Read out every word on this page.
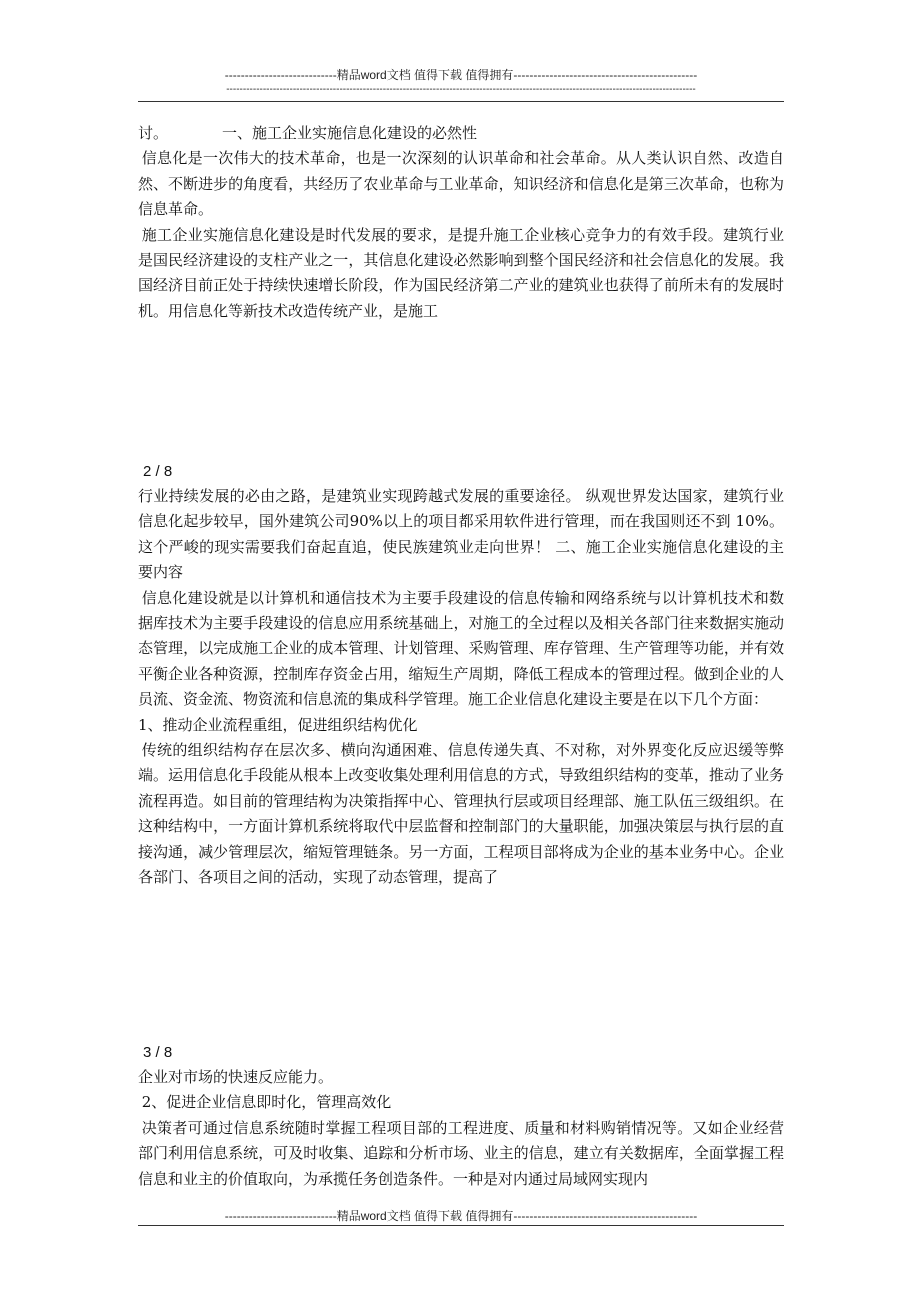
----------------------------精品word文档 值得下载 值得拥有----------------------------------------------
---------------------------------------------------------------------------------------------------------------------------------------------

讨。	一、施工企业实施信息化建设的必然性

信息化是一次伟大的技术革命，也是一次深刻的认识革命和社会革命。从人类认识自然、改造自然、不断进步的角度看，共经历了农业革命与工业革命，知识经济和信息化是第三次革命，也称为信息革命。

施工企业实施信息化建设是时代发展的要求，是提升施工企业核心竞争力的有效手段。建筑行业是国民经济建设的支柱产业之一，其信息化建设必然影响到整个国民经济和社会信息化的发展。我国经济目前正处于持续快速增长阶段，作为国民经济第二产业的建筑业也获得了前所未有的发展时机。用信息化等新技术改造传统产业，是施工

2 / 8

行业持续发展的必由之路，是建筑业实现跨越式发展的重要途径。 纵观世界发达国家，建筑行业信息化起步较早，国外建筑公司90%以上的项目都采用软件进行管理，而在我国则还不到 10%。这个严峻的现实需要我们奋起直追，使民族建筑业走向世界！ 二、施工企业实施信息化建设的主要内容

信息化建设就是以计算机和通信技术为主要手段建设的信息传输和网络系统与以计算机技术和数据库技术为主要手段建设的信息应用系统基础上，对施工的全过程以及相关各部门往来数据实施动态管理，以完成施工企业的成本管理、计划管理、采购管理、库存管理、生产管理等功能，并有效平衡企业各种资源，控制库存资金占用，缩短生产周期，降低工程成本的管理过程。做到企业的人员流、资金流、物资流和信息流的集成科学管理。施工企业信息化建设主要是在以下几个方面：

1、推动企业流程重组，促进组织结构优化

传统的组织结构存在层次多、横向沟通困难、信息传递失真、不对称，对外界变化反应迟缓等弊端。运用信息化手段能从根本上改变收集处理利用信息的方式，导致组织结构的变革，推动了业务流程再造。如目前的管理结构为决策指挥中心、管理执行层或项目经理部、施工队伍三级组织。在这种结构中，一方面计算机系统将取代中层监督和控制部门的大量职能，加强决策层与执行层的直接沟通，减少管理层次，缩短管理链条。另一方面，工程项目部将成为企业的基本业务中心。企业各部门、各项目之间的活动，实现了动态管理，提高了

3 / 8

企业对市场的快速反应能力。

2、促进企业信息即时化，管理高效化

决策者可通过信息系统随时掌握工程项目部的工程进度、质量和材料购销情况等。又如企业经营部门利用信息系统，可及时收集、追踪和分析市场、业主的信息，建立有关数据库，全面掌握工程信息和业主的价值取向，为承揽任务创造条件。一种是对内通过局域网实现内

----------------------------精品word文档 值得下载 值得拥有----------------------------------------------
